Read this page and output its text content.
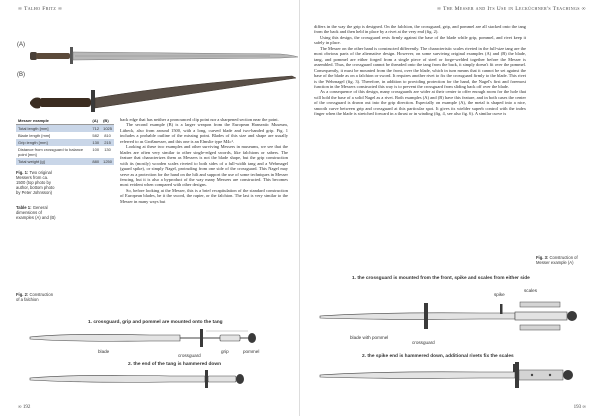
∞ Talho Fritz ∞
(A)
(B)
Messer example	(A)	(B)
Total length [mm]	712	1025
Blade length [mm]	582	810
Grip length [mm]	130	215
Distance from crossguard to balance point [mm]	100	130
Total weight [g]	880	1250
Fig. 1: Two original Messers from ca. 1500 (top photo by author, bottom photo by Peter Johnsson)
Table 1: General dimensions of examples (A) and (B)
Fig. 2: Construction of a falchion

back edge that has neither a pronounced clip point nor a sharpened section near the point.

The second example (B) is a larger weapon from the European Hanseatic Museum, Lübeck, also from around 1500, with a long, curved blade and two-handed grip. Fig. 1 includes a probable outline of the missing point. Blades of this size and shape are usually referred to as Großmesser, and this one is an Elmslie type M4c¹.

Looking at these two examples and other surviving Messers in museums, we see that the blades are often very similar to other single-edged swords, like falchions or sabers. The feature that characterizes them as Messers is not the blade shape, but the grip construction with its (mostly) wooden scales riveted to both sides of a full-width tang and a Wehrnagel (guard spike), or simply Nagel, protruding from one side of the crossguard. This Nagel may serve as a protection for the hand on the hilt and support the use of some techniques in Messer fencing, but it is also a byproduct of the way many Messers are constructed. This becomes most evident when compared with other designs.

So, before looking at the Messer, this is a brief recapitulation of the standard construction of European blades, be it the sword, the rapier, or the falchion. The last is very similar to the Messer in many ways but

1. crossguard, grip and pommel are mounted onto the tang
blade
crossguard
grip	pommel
2. the end of the tang is hammered down
∞ 192
∞ The Messer and Its Use in Lecküchner's Teachings ∞

differs in the way the grip is designed. On the falchion, the crossguard, grip, and pommel are all stacked onto the tang from the back and then held in place by a rivet at the very end (fig. 2).

Using this design, the crossguard rests firmly against the base of the blade while grip, pommel, and rivet keep it safely in place.

The Messer on the other hand is constructed differently. The characteristic scales riveted in the full-size tang are the most obvious parts of the alternative design. However, on some surviving original examples (A) and (B) the blade, tang, and pommel are either forged from a single piece of steel or forge-welded together before the Messer is assembled. Thus, the crossguard cannot be threaded onto the tang from the back, it simply doesn't fit over the pommel. Consequently, it must be mounted from the front, over the blade, which in turn means that it cannot be set against the base of the blade as on a falchion or sword. It requires another rivet to fix the crossguard firmly to the blade. This rivet is the Wehrnagel (fig. 3). Therefore, in addition to providing protection for the hand, the Nagel's first and foremost function in the Messers constructed this way is to prevent the crossguard from sliding back off over the blade.

As a consequence of this design, many crossguards are wider at their center to offer enough room for the hole that will hold the base of a solid Nagel as a rivet. Both examples (A) and (B) have this feature, and in both cases the center of the crossguard is drawn out into the grip direction. Especially on example (A), the metal is shaped into a nice, smooth curve between grip and crossguard at this particular spot. It gives its wielder superb control with the index finger when the blade is stretched forward in a thrust or in winding (fig. 4, see also fig. 6). A similar curve is

Fig. 3: Construction of Messer example (A)
1. the crossguard is mounted from the front, spike and scales from either side
spike
scales
blade with pommel
crossguard
2. the spike end is hammered down, additional rivets fix the scales
193 ∞
